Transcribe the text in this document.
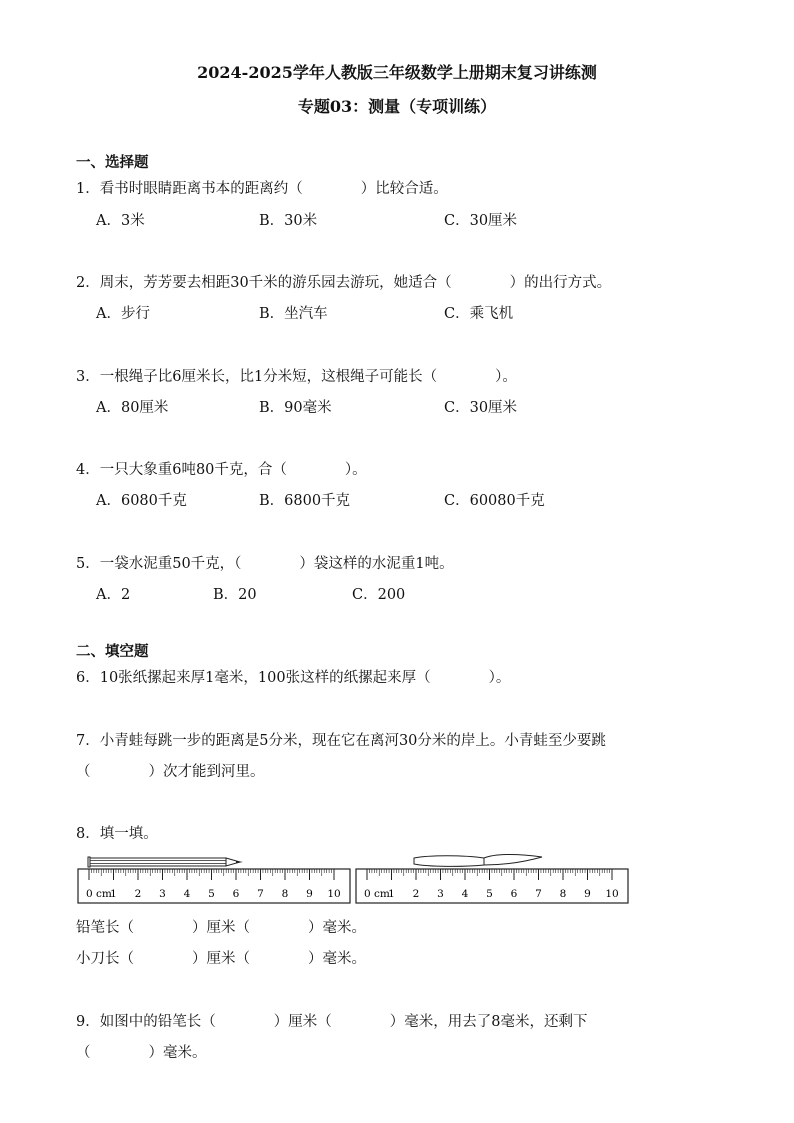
2024-2025学年人教版三年级数学上册期末复习讲练测
专题03：测量（专项训练）
一、选择题
1．看书时眼睛距离书本的距离约（　　　　）比较合适。
A．3米	B．30米	C．30厘米
2．周末，芳芳要去相距30千米的游乐园去游玩，她适合（　　　　）的出行方式。
A．步行	B．坐汽车	C．乘飞机
3．一根绳子比6厘米长，比1分米短，这根绳子可能长（　　　　）。
A．80厘米	B．90毫米	C．30厘米
4．一只大象重6吨80千克，合（　　　　）。
A．6080千克	B．6800千克	C．60080千克
5．一袋水泥重50千克，（　　　　）袋这样的水泥重1吨。
A．2	B．20	C．200
二、填空题
6．10张纸摞起来厚1毫米，100张这样的纸摞起来厚（　　　　）。
7．小青蛙每跳一步的距离是5分米，现在它在离河30分米的岸上。小青蛙至少要跳
（　　　　）次才能到河里。
8．填一填。
0 cm
1 2 3 4 5 6 7 8 9 10 0 cm
1 2 3 4 5 6 7 8 9 10
铅笔长（　　　　）厘米（　　　　）毫米。
小刀长（　　　　）厘米（　　　　）毫米。
9．如图中的铅笔长（　　　　）厘米（　　　　）毫米，用去了8毫米，还剩下
（　　　　）毫米。
